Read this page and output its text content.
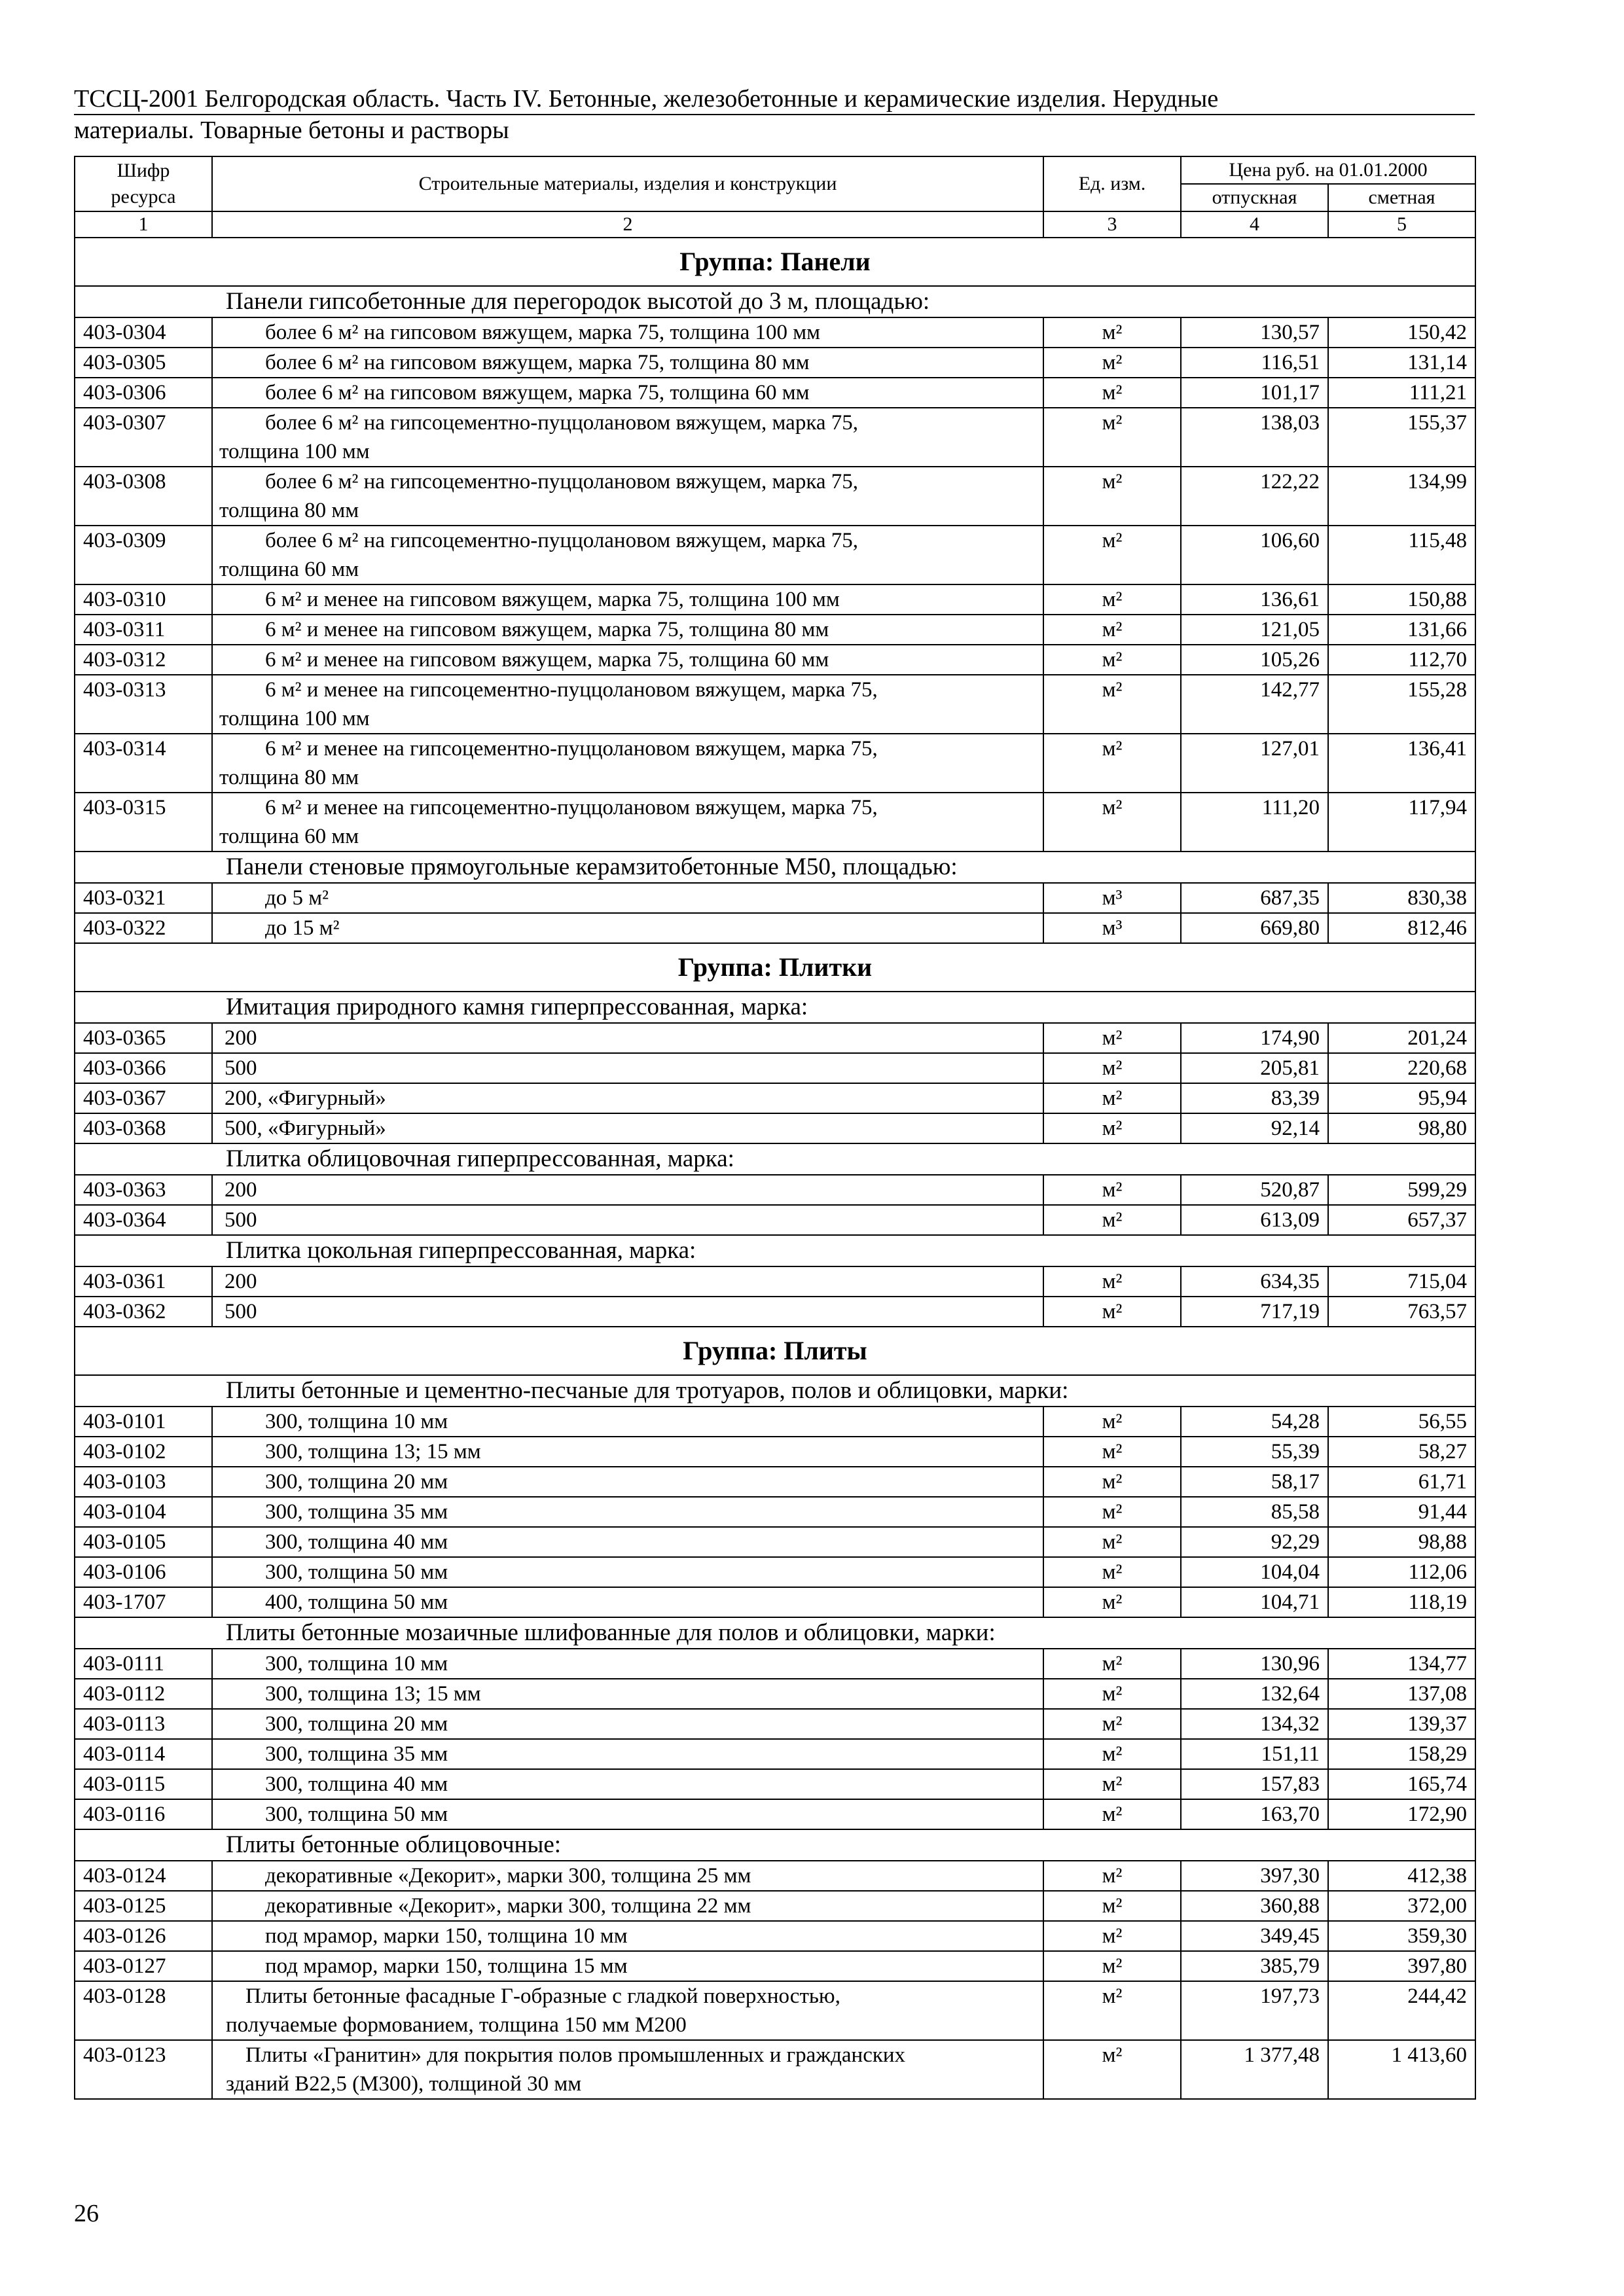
ТССЦ-2001 Белгородская область. Часть IV. Бетонные, железобетонные и керамические изделия. Нерудные
материалы. Товарные бетоны и растворы
Шифр ресурса	Строительные материалы, изделия и конструкции	Ед. изм.	Цена руб. на 01.01.2000	
			отпускная	сметная
1	2	3	4	5
Группа: Панели				
Панели гипсобетонные для перегородок высотой до 3 м, площадью:				
403-0304	более 6 м² на гипсовом вяжущем, марка 75, толщина 100 мм	м²	130,57	150,42
403-0305	более 6 м² на гипсовом вяжущем, марка 75, толщина 80 мм	м²	116,51	131,14
403-0306	более 6 м² на гипсовом вяжущем, марка 75, толщина 60 мм	м²	101,17	111,21
403-0307	более 6 м² на гипсоцементно-пуццолановом вяжущем, марка 75,
толщина 100 мм	м²	138,03	155,37
403-0308	более 6 м² на гипсоцементно-пуццолановом вяжущем, марка 75,
толщина 80 мм	м²	122,22	134,99
403-0309	более 6 м² на гипсоцементно-пуццолановом вяжущем, марка 75,
толщина 60 мм	м²	106,60	115,48
403-0310	6 м² и менее на гипсовом вяжущем, марка 75, толщина 100 мм	м²	136,61	150,88
403-0311	6 м² и менее на гипсовом вяжущем, марка 75, толщина 80 мм	м²	121,05	131,66
403-0312	6 м² и менее на гипсовом вяжущем, марка 75, толщина 60 мм	м²	105,26	112,70
403-0313	6 м² и менее на гипсоцементно-пуццолановом вяжущем, марка 75,
толщина 100 мм	м²	142,77	155,28
403-0314	6 м² и менее на гипсоцементно-пуццолановом вяжущем, марка 75,
толщина 80 мм	м²	127,01	136,41
403-0315	6 м² и менее на гипсоцементно-пуццолановом вяжущем, марка 75,
толщина 60 мм	м²	111,20	117,94
Панели стеновые прямоугольные керамзитобетонные М50, площадью:				
403-0321	до 5 м²	м³	687,35	830,38
403-0322	до 15 м²	м³	669,80	812,46
Группа: Плитки				
Имитация природного камня гиперпрессованная, марка:				
403-0365	200	м²	174,90	201,24
403-0366	500	м²	205,81	220,68
403-0367	200, «Фигурный»	м²	83,39	95,94
403-0368	500, «Фигурный»	м²	92,14	98,80
Плитка облицовочная гиперпрессованная, марка:				
403-0363	200	м²	520,87	599,29
403-0364	500	м²	613,09	657,37
Плитка цокольная гиперпрессованная, марка:				
403-0361	200	м²	634,35	715,04
403-0362	500	м²	717,19	763,57
Группа: Плиты				
Плиты бетонные и цементно-песчаные для тротуаров, полов и облицовки, марки:				
403-0101	300, толщина 10 мм	м²	54,28	56,55
403-0102	300, толщина 13; 15 мм	м²	55,39	58,27
403-0103	300, толщина 20 мм	м²	58,17	61,71
403-0104	300, толщина 35 мм	м²	85,58	91,44
403-0105	300, толщина 40 мм	м²	92,29	98,88
403-0106	300, толщина 50 мм	м²	104,04	112,06
403-1707	400, толщина 50 мм	м²	104,71	118,19
Плиты бетонные мозаичные шлифованные для полов и облицовки, марки:				
403-0111	300, толщина 10 мм	м²	130,96	134,77
403-0112	300, толщина 13; 15 мм	м²	132,64	137,08
403-0113	300, толщина 20 мм	м²	134,32	139,37
403-0114	300, толщина 35 мм	м²	151,11	158,29
403-0115	300, толщина 40 мм	м²	157,83	165,74
403-0116	300, толщина 50 мм	м²	163,70	172,90
Плиты бетонные облицовочные:				
403-0124	декоративные «Декорит», марки 300, толщина 25 мм	м²	397,30	412,38
403-0125	декоративные «Декорит», марки 300, толщина 22 мм	м²	360,88	372,00
403-0126	под мрамор, марки 150, толщина 10 мм	м²	349,45	359,30
403-0127	под мрамор, марки 150, толщина 15 мм	м²	385,79	397,80
403-0128	Плиты бетонные фасадные Г-образные с гладкой поверхностью,
получаемые формованием, толщина 150 мм М200	м²	197,73	244,42
403-0123	Плиты «Гранитин» для покрытия полов промышленных и гражданских
зданий В22,5 (М300), толщиной 30 мм	м²	1 377,48	1 413,60
26
